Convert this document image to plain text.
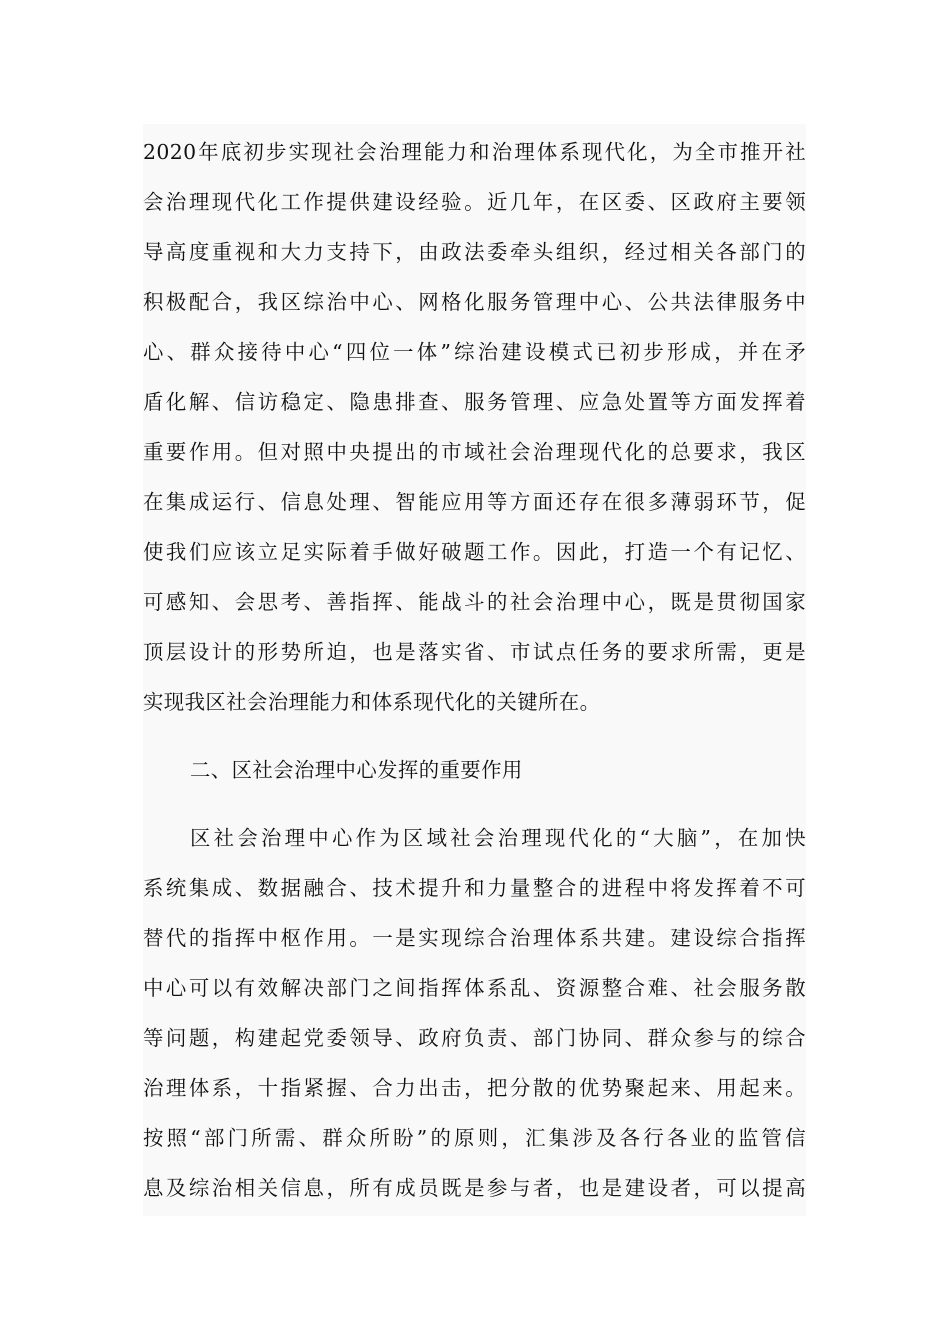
2020年底初步实现社会治理能力和治理体系现代化，为全市推开社
会治理现代化工作提供建设经验。近几年，在区委、区政府主要领
导高度重视和大力支持下，由政法委牵头组织，经过相关各部门的
积极配合，我区综治中心、网格化服务管理中心、公共法律服务中
心、群众接待中心“四位一体”综治建设模式已初步形成，并在矛
盾化解、信访稳定、隐患排查、服务管理、应急处置等方面发挥着
重要作用。但对照中央提出的市域社会治理现代化的总要求，我区
在集成运行、信息处理、智能应用等方面还存在很多薄弱环节，促
使我们应该立足实际着手做好破题工作。因此，打造一个有记忆、
可感知、会思考、善指挥、能战斗的社会治理中心，既是贯彻国家
顶层设计的形势所迫，也是落实省、市试点任务的要求所需，更是
实现我区社会治理能力和体系现代化的关键所在。
二、区社会治理中心发挥的重要作用
区社会治理中心作为区域社会治理现代化的“大脑”，在加快
系统集成、数据融合、技术提升和力量整合的进程中将发挥着不可
替代的指挥中枢作用。一是实现综合治理体系共建。建设综合指挥
中心可以有效解决部门之间指挥体系乱、资源整合难、社会服务散
等问题，构建起党委领导、政府负责、部门协同、群众参与的综合
治理体系，十指紧握、合力出击，把分散的优势聚起来、用起来。
按照“部门所需、群众所盼”的原则，汇集涉及各行各业的监管信
息及综治相关信息，所有成员既是参与者，也是建设者，可以提高
